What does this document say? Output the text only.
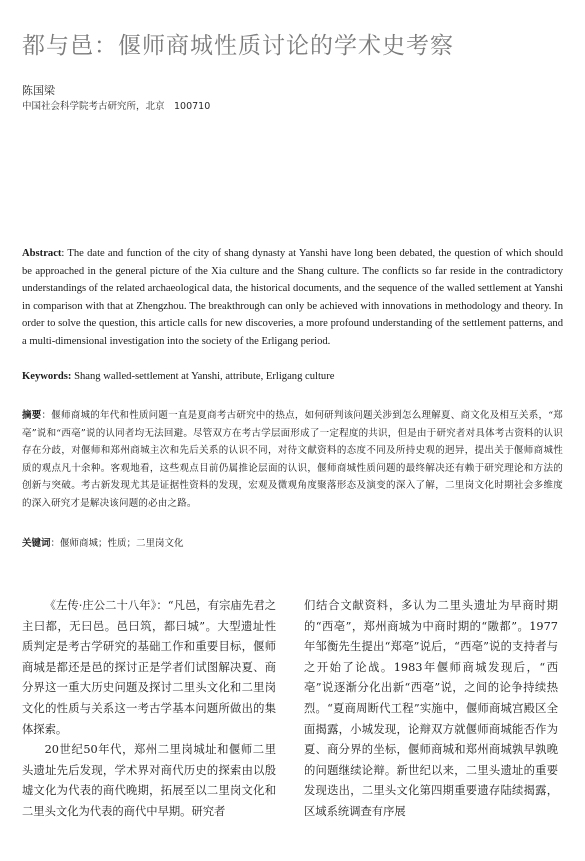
都与邑：偃师商城性质讨论的学术史考察
陈国梁
中国社会科学院考古研究所，北京　100710
Abstract: The date and function of the city of shang dynasty at Yanshi have long been debated, the question of which should be approached in the general picture of the Xia culture and the Shang culture. The conflicts so far reside in the contradictory understandings of the related archaeological data, the historical documents, and the sequence of the walled settlement at Yanshi in comparison with that at Zhengzhou. The breakthrough can only be achieved with innovations in methodology and theory. In order to solve the question, this article calls for new discoveries, a more profound understanding of the settlement patterns, and a multi-dimensional investigation into the society of the Erligang period.
Keywords: Shang walled-settlement at Yanshi, attribute, Erligang culture
摘要：偃师商城的年代和性质问题一直是夏商考古研究中的热点，如何研判该问题关涉到怎么理解夏、商文化及相互关系，“郑亳”说和“西亳”说的认同者均无法回避。尽管双方在考古学层面形成了一定程度的共识，但是由于研究者对具体考古资料的认识存在分歧，对偃师和郑州商城主次和先后关系的认识不同，对待文献资料的态度不同及所持史观的迥异，提出关于偃师商城性质的观点凡十余种。客观地看，这些观点目前仍属推论层面的认识，偃师商城性质问题的最终解决还有赖于研究理论和方法的创新与突破。考古新发现尤其是证据性资料的发现，宏观及微观角度聚落形态及演变的深入了解，二里岗文化时期社会多维度的深入研究才是解决该问题的必由之路。
关键词：偃师商城；性质；二里岗文化

《左传·庄公二十八年》：“凡邑，有宗庙先君之主曰都，无曰邑。邑曰筑，都曰城”。大型遗址性质判定是考古学研究的基础工作和重要目标，偃师商城是都还是邑的探讨正是学者们试图解决夏、商分界这一重大历史问题及探讨二里头文化和二里岗文化的性质与关系这一考古学基本问题所做出的集体探索。

20世纪50年代，郑州二里岗城址和偃师二里头遗址先后发现，学术界对商代历史的探索由以殷墟文化为代表的商代晚期，拓展至以二里岗文化和二里头文化为代表的商代中早期。研究者

们结合文献资料，多认为二里头遗址为早商时期的“西亳”，郑州商城为中商时期的“隞都”。1977年邹衡先生提出“郑亳”说后，“西亳”说的支持者与之开始了论战。1983年偃师商城发现后，“西亳”说逐渐分化出新“西亳”说，之间的论争持续热烈。“夏商周断代工程”实施中，偃师商城宫殿区全面揭露，小城发现，论辩双方就偃师商城能否作为夏、商分界的坐标，偃师商城和郑州商城孰早孰晚的问题继续论辩。新世纪以来，二里头遗址的重要发现迭出，二里头文化第四期重要遗存陆续揭露，区域系统调查有序展
